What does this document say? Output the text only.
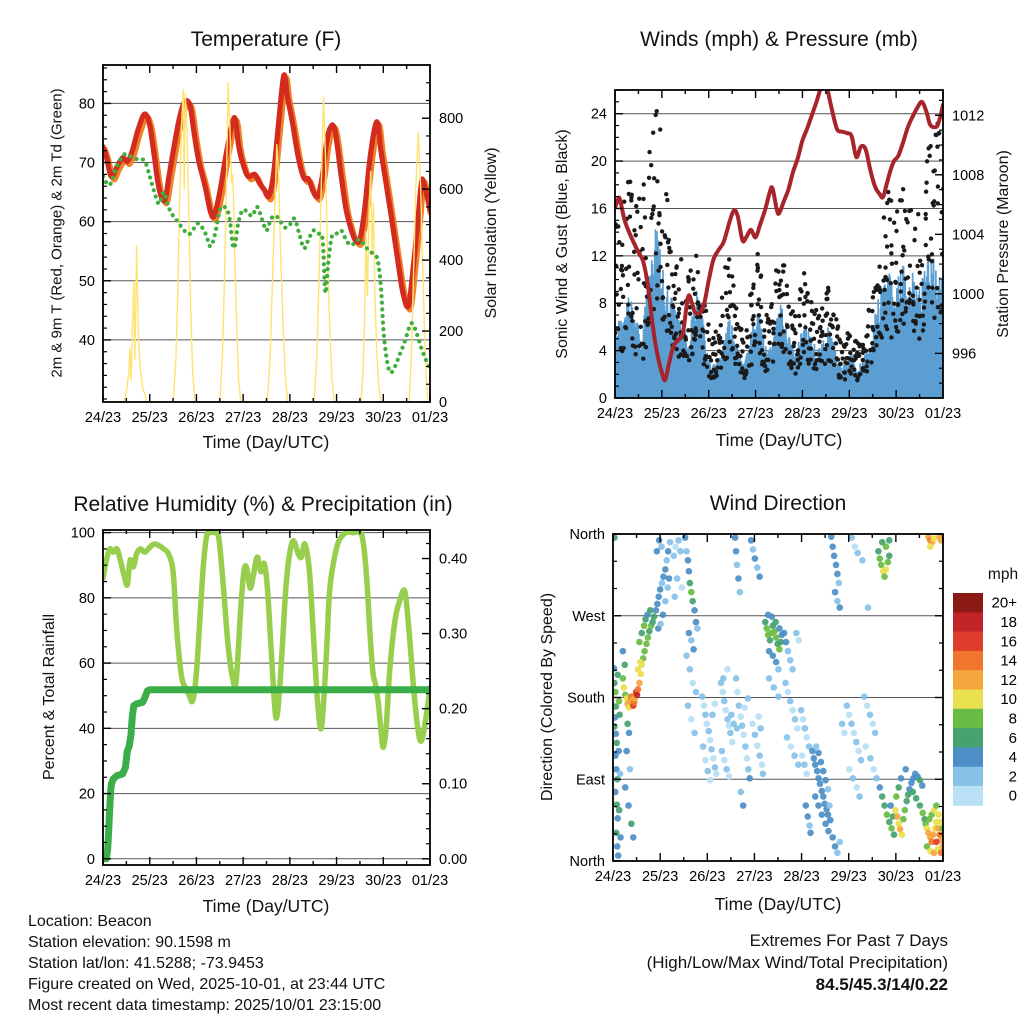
24/23 25/23 26/23 27/23 28/23 29/23 30/23 01/23
40
50
60
70
80
0
200
400
600
800
24/23 25/23 26/23 27/23 28/23 29/23 30/23 01/23
0
4
8
12
16
20
24
996
1000
1004
1008
1012
24/23 25/23 26/23 27/23 28/23 29/23 30/23 01/23
0
20
40
60
80
100
0.00
0.10
0.20
0.30
0.40
24/23 25/23 26/23 27/23 28/23 29/23 30/23 01/23
North
East
South
West
North
20+
18
16
14
12
10
8
6
4
2
0
Temperature (F)	Winds (mph) & Pressure (mb)
Relative Humidity (%) & Precipitation (in)	Wind Direction
2m & 9m T (Red, Orange) & 2m Td (Green)	Solar Insolation (Yellow)	Sonic Wind & Gust (Blue, Black)	Station Pressure (Maroon)
Percent & Total Rainfall	Direction (Colored By Speed)
Time (Day/UTC)	Time (Day/UTC)
Time (Day/UTC)	Time (Day/UTC)
mph
Location: Beacon
Station elevation: 90.1598 m
Station lat/lon: 41.5288; -73.9453
Figure created on Wed, 2025-10-01, at 23:44 UTC
Most recent data timestamp: 2025/10/01 23:15:00
Extremes For Past 7 Days
(High/Low/Max Wind/Total Precipitation)
84.5/45.3/14/0.22
